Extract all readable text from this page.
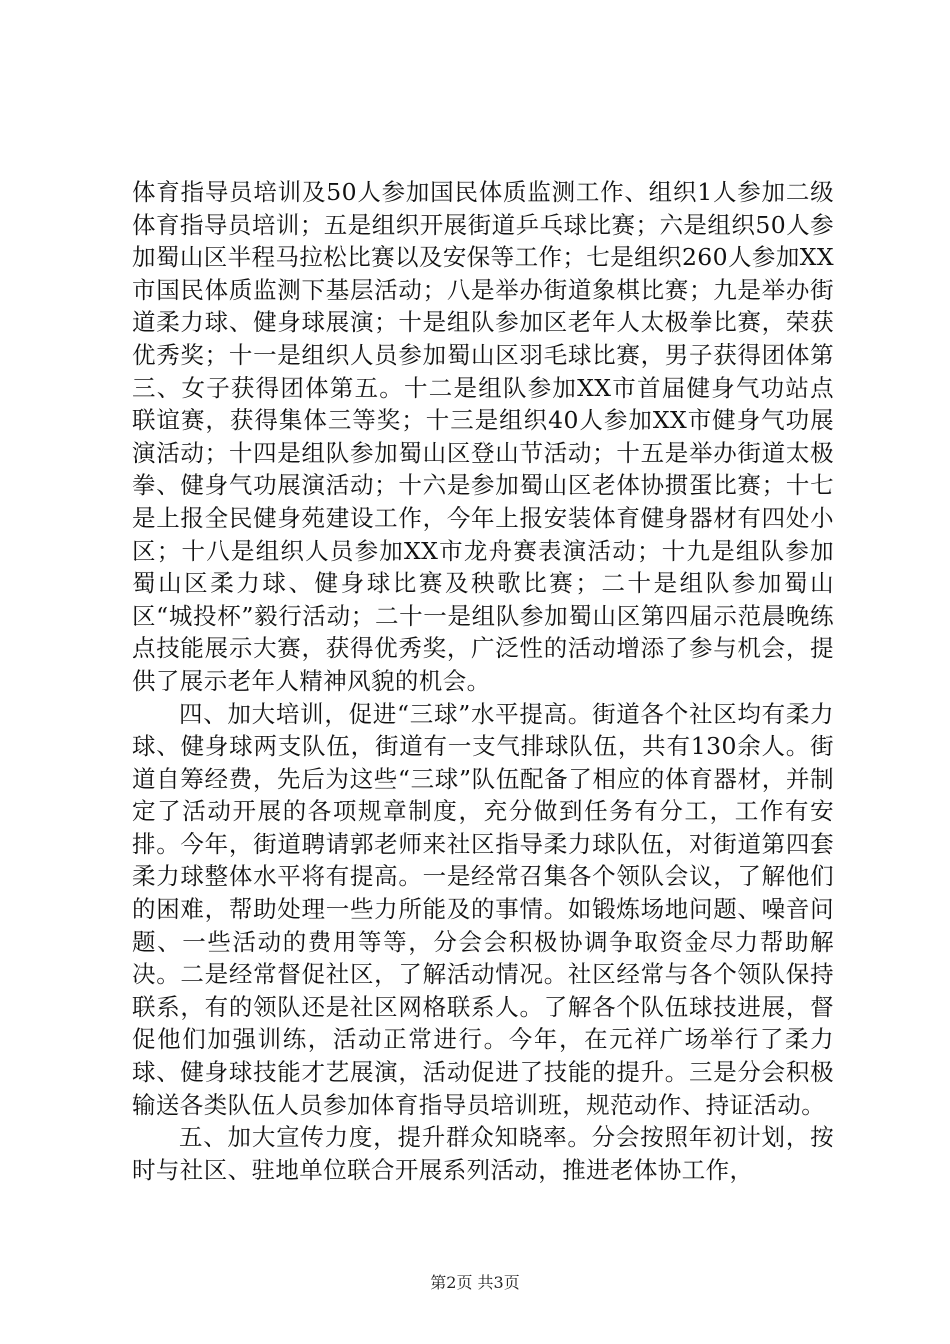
体育指导员培训及50人参加国民体质监测工作、组织1人参加二级体育指导员培训；五是组织开展街道乒乓球比赛；六是组织50人参加蜀山区半程马拉松比赛以及安保等工作；七是组织260人参加XX市国民体质监测下基层活动；八是举办街道象棋比赛；九是举办街道柔力球、健身球展演；十是组队参加区老年人太极拳比赛，荣获优秀奖；十一是组织人员参加蜀山区羽毛球比赛，男子获得团体第三、女子获得团体第五。十二是组队参加XX市首届健身气功站点联谊赛，获得集体三等奖；十三是组织40人参加XX市健身气功展演活动；十四是组队参加蜀山区登山节活动；十五是举办街道太极拳、健身气功展演活动；十六是参加蜀山区老体协掼蛋比赛；十七是上报全民健身苑建设工作，今年上报安装体育健身器材有四处小区；十八是组织人员参加XX市龙舟赛表演活动；十九是组队参加蜀山区柔力球、健身球比赛及秧歌比赛；二十是组队参加蜀山区“城投杯”毅行活动；二十一是组队参加蜀山区第四届示范晨晚练点技能展示大赛，获得优秀奖，广泛性的活动增添了参与机会，提供了展示老年人精神风貌的机会。

四、加大培训，促进“三球”水平提高。街道各个社区均有柔力球、健身球两支队伍，街道有一支气排球队伍，共有130余人。街道自筹经费，先后为这些“三球”队伍配备了相应的体育器材，并制定了活动开展的各项规章制度，充分做到任务有分工，工作有安排。今年，街道聘请郭老师来社区指导柔力球队伍，对街道第四套柔力球整体水平将有提高。一是经常召集各个领队会议，了解他们的困难，帮助处理一些力所能及的事情。如锻炼场地问题、噪音问题、一些活动的费用等等，分会会积极协调争取资金尽力帮助解决。二是经常督促社区，了解活动情况。社区经常与各个领队保持联系，有的领队还是社区网格联系人。了解各个队伍球技进展，督促他们加强训练，活动正常进行。今年，在元祥广场举行了柔力球、健身球技能才艺展演，活动促进了技能的提升。三是分会积极输送各类队伍人员参加体育指导员培训班，规范动作、持证活动。

五、加大宣传力度，提升群众知晓率。分会按照年初计划，按时与社区、驻地单位联合开展系列活动，推进老体协工作，

第2页 共3页
